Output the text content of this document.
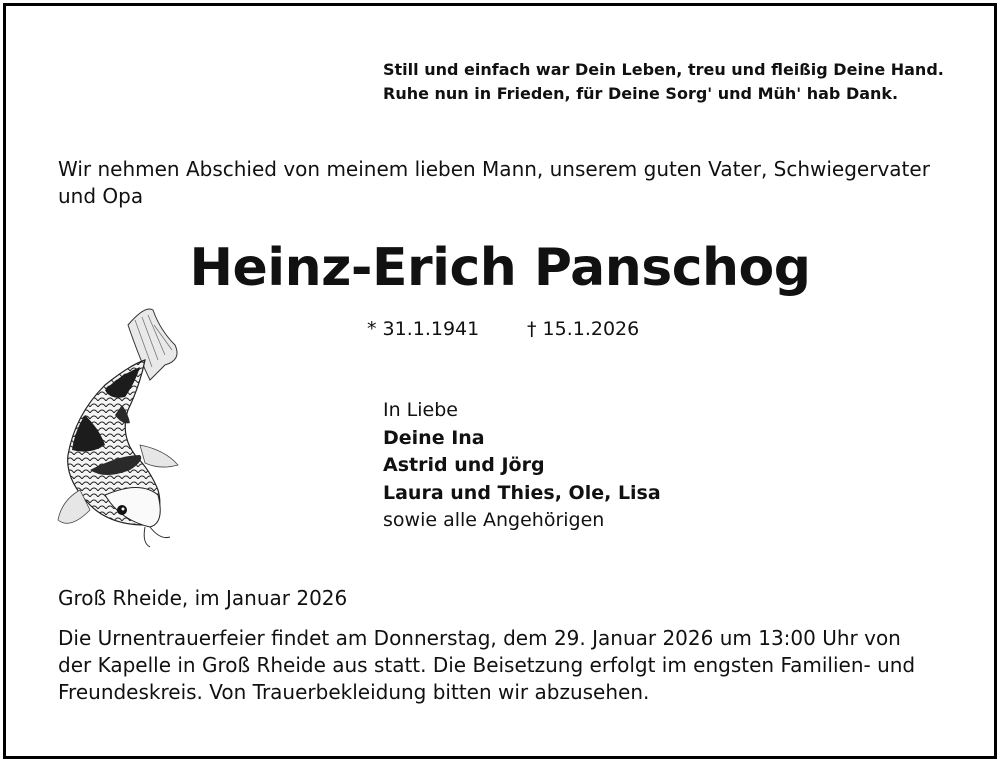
Still und einfach war Dein Leben, treu und fleißig Deine Hand.
Ruhe nun in Frieden, für Deine Sorg' und Müh' hab Dank.
Wir nehmen Abschied von meinem lieben Mann, unserem guten Vater, Schwiegervater
und Opa
Heinz-Erich Panschog
* 31.1.1941	† 15.1.2026
In Liebe
Deine Ina
Astrid und Jörg
Laura und Thies, Ole, Lisa
sowie alle Angehörigen
Groß Rheide, im Januar 2026
Die Urnentrauerfeier findet am Donnerstag, dem 29. Januar 2026 um 13:00 Uhr von
der Kapelle in Groß Rheide aus statt. Die Beisetzung erfolgt im engsten Familien- und
Freundeskreis. Von Trauerbekleidung bitten wir abzusehen.
